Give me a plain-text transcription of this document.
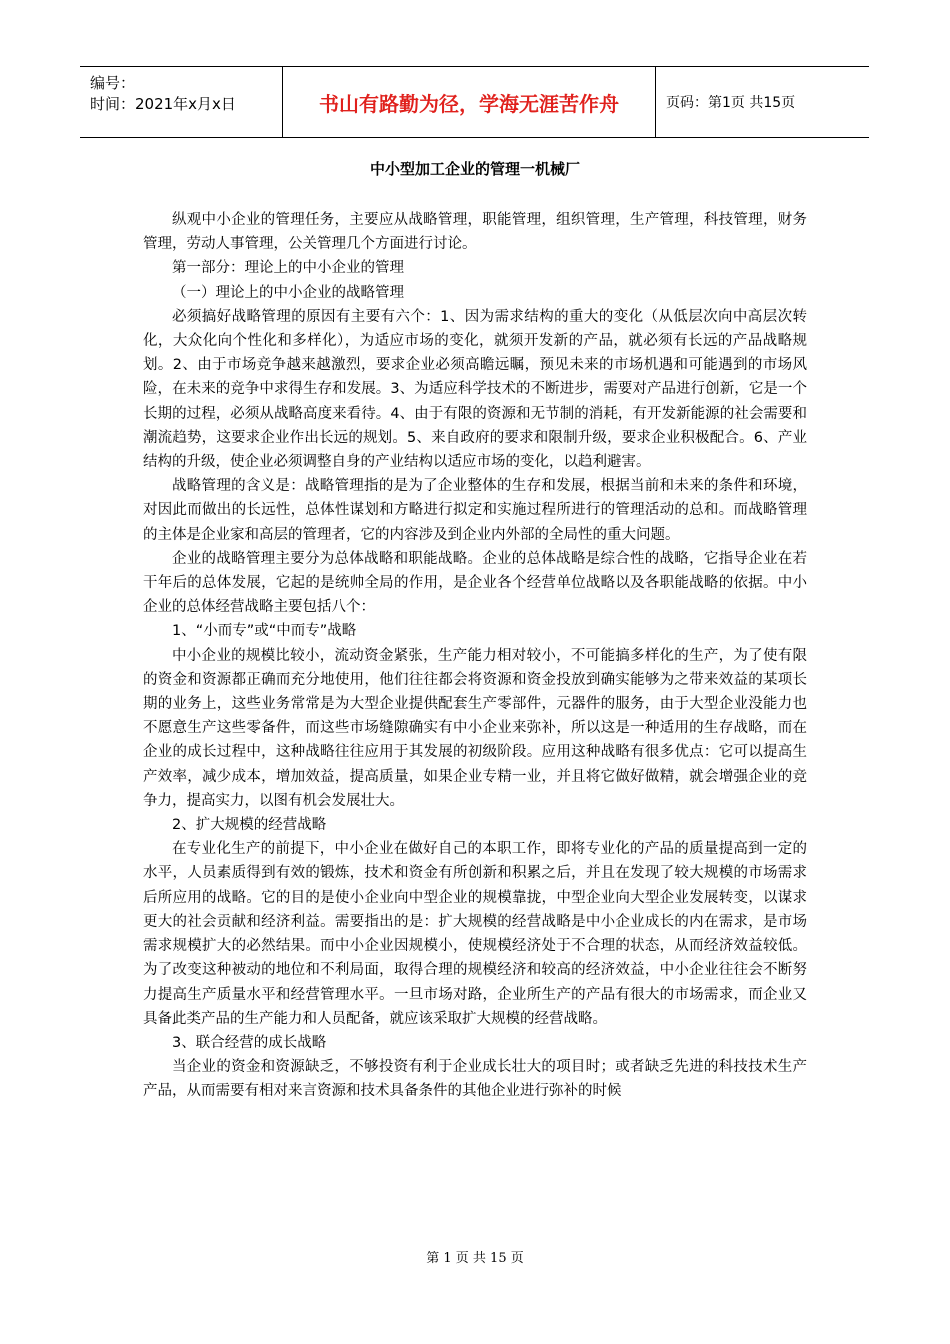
编号：
时间：2021年x月x日	书山有路勤为径，学海无涯苦作舟	页码：第1页 共15页
中小型加工企业的管理一机械厂

纵观中小企业的管理任务，主要应从战略管理，职能管理，组织管理，生产管理，科技管理，财务管理，劳动人事管理，公关管理几个方面进行讨论。

第一部分：理论上的中小企业的管理

（一）理论上的中小企业的战略管理

必须搞好战略管理的原因有主要有六个：1、因为需求结构的重大的变化（从低层次向中高层次转化，大众化向个性化和多样化），为适应市场的变化，就须开发新的产品，就必须有长远的产品战略规划。2、由于市场竞争越来越激烈，要求企业必须高瞻远瞩，预见未来的市场机遇和可能遇到的市场风险，在未来的竞争中求得生存和发展。3、为适应科学技术的不断进步，需要对产品进行创新，它是一个长期的过程，必须从战略高度来看待。4、由于有限的资源和无节制的消耗，有开发新能源的社会需要和潮流趋势，这要求企业作出长远的规划。5、来自政府的要求和限制升级，要求企业积极配合。6、产业结构的升级，使企业必须调整自身的产业结构以适应市场的变化，以趋利避害。

战略管理的含义是：战略管理指的是为了企业整体的生存和发展，根据当前和未来的条件和环境，对因此而做出的长远性，总体性谋划和方略进行拟定和实施过程所进行的管理活动的总和。而战略管理的主体是企业家和高层的管理者，它的内容涉及到企业内外部的全局性的重大问题。

企业的战略管理主要分为总体战略和职能战略。企业的总体战略是综合性的战略，它指导企业在若干年后的总体发展，它起的是统帅全局的作用，是企业各个经营单位战略以及各职能战略的依据。中小企业的总体经营战略主要包括八个：

1、“小而专”或“中而专”战略

中小企业的规模比较小，流动资金紧张，生产能力相对较小，不可能搞多样化的生产，为了使有限的资金和资源都正确而充分地使用，他们往往都会将资源和资金投放到确实能够为之带来效益的某项长期的业务上，这些业务常常是为大型企业提供配套生产零部件，元器件的服务，由于大型企业没能力也不愿意生产这些零备件，而这些市场缝隙确实有中小企业来弥补，所以这是一种适用的生存战略，而在企业的成长过程中，这种战略往往应用于其发展的初级阶段。应用这种战略有很多优点：它可以提高生产效率，减少成本，增加效益，提高质量，如果企业专精一业，并且将它做好做精，就会增强企业的竞争力，提高实力，以图有机会发展壮大。

2、扩大规模的经营战略

在专业化生产的前提下，中小企业在做好自己的本职工作，即将专业化的产品的质量提高到一定的水平，人员素质得到有效的锻炼，技术和资金有所创新和积累之后，并且在发现了较大规模的市场需求后所应用的战略。它的目的是使小企业向中型企业的规模靠拢，中型企业向大型企业发展转变，以谋求更大的社会贡献和经济利益。需要指出的是：扩大规模的经营战略是中小企业成长的内在需求，是市场需求规模扩大的必然结果。而中小企业因规模小，使规模经济处于不合理的状态，从而经济效益较低。为了改变这种被动的地位和不利局面，取得合理的规模经济和较高的经济效益，中小企业往往会不断努力提高生产质量水平和经营管理水平。一旦市场对路，企业所生产的产品有很大的市场需求，而企业又具备此类产品的生产能力和人员配备，就应该采取扩大规模的经营战略。

3、联合经营的成长战略

当企业的资金和资源缺乏，不够投资有利于企业成长壮大的项目时；或者缺乏先进的科技技术生产产品，从而需要有相对来言资源和技术具备条件的其他企业进行弥补的时候

第 1 页 共 15 页
